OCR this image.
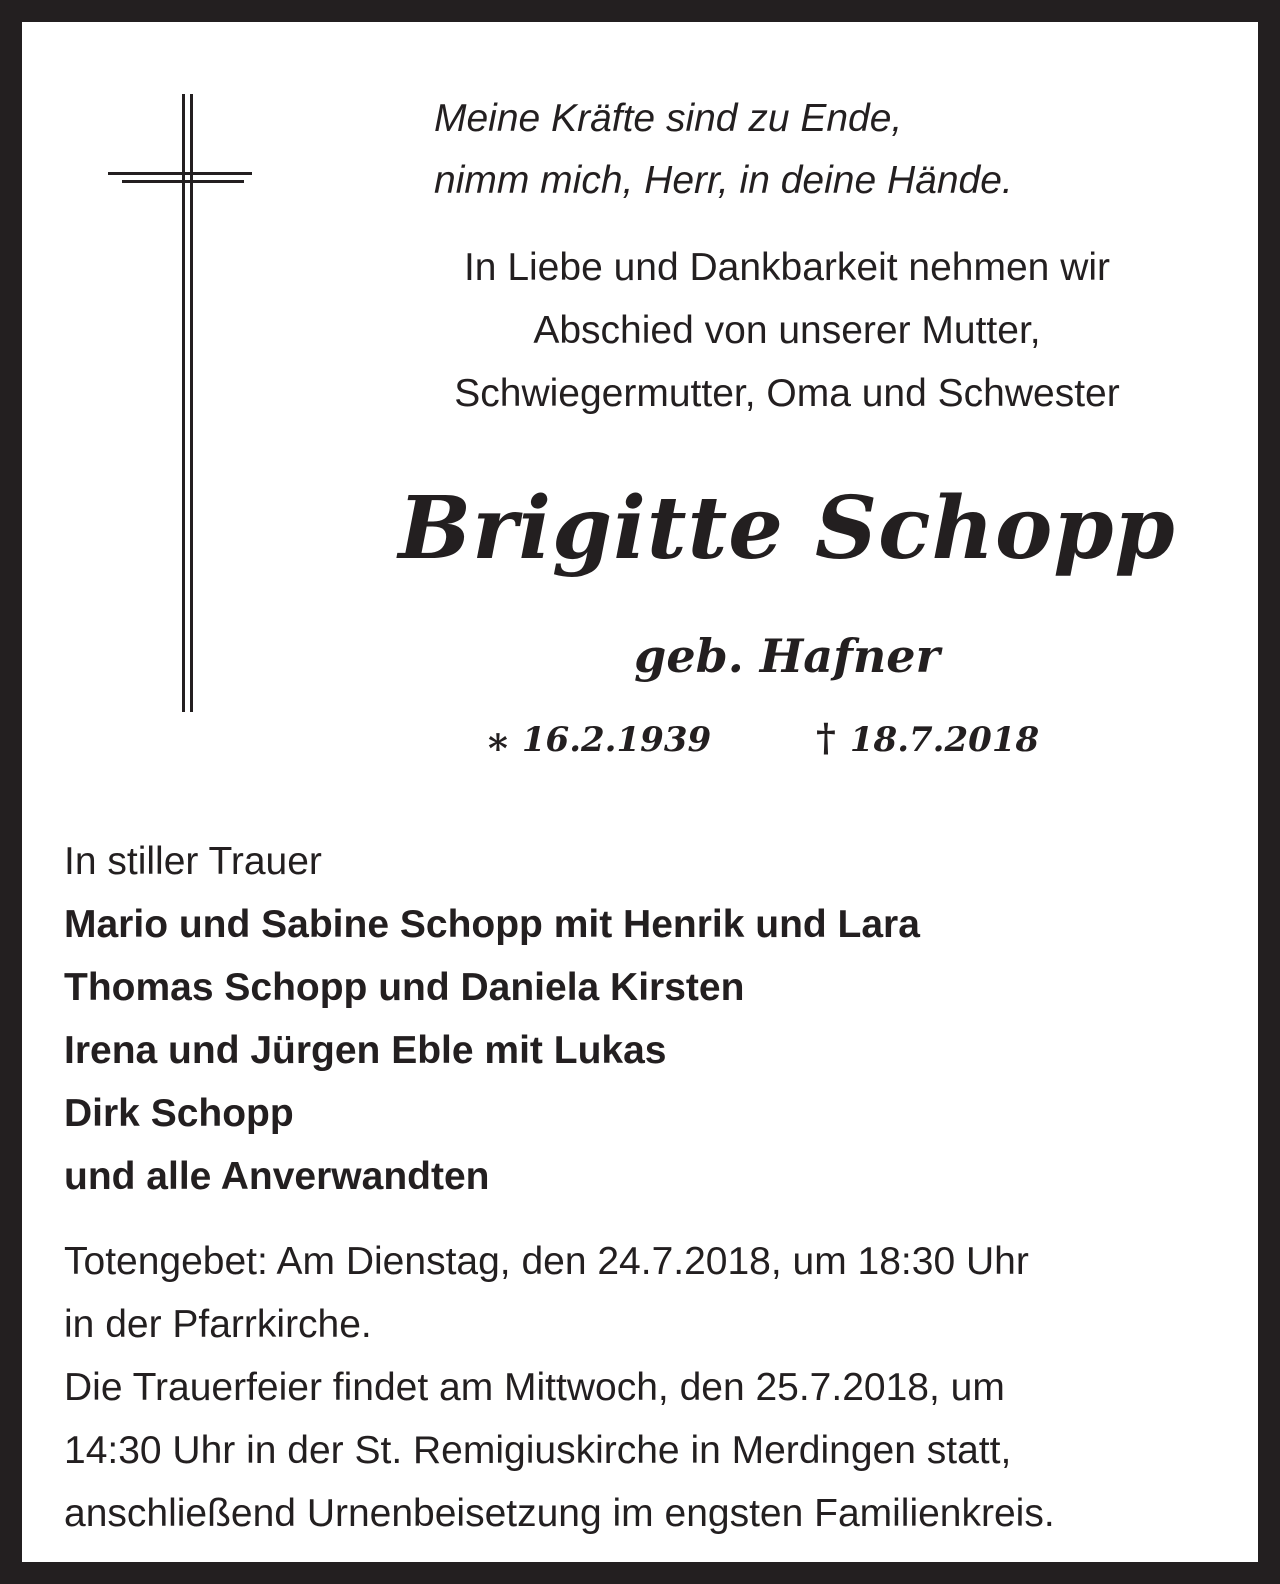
Meine Kräfte sind zu Ende,
nimm mich, Herr, in deine Hände.
In Liebe und Dankbarkeit nehmen wir
Abschied von unserer Mutter,
Schwiegermutter, Oma und Schwester
Brigitte Schopp
geb. Hafner
⁎ 16.2.1939	† 18.7.2018
In stiller Trauer
Mario und Sabine Schopp mit Henrik und Lara
Thomas Schopp und Daniela Kirsten
Irena und Jürgen Eble mit Lukas
Dirk Schopp
und alle Anverwandten
Totengebet: Am Dienstag, den 24.7.2018, um 18:30 Uhr
in der Pfarrkirche.
Die Trauerfeier findet am Mittwoch, den 25.7.2018, um
14:30 Uhr in der St. Remigiuskirche in Merdingen statt,
anschließend Urnenbeisetzung im engsten Familienkreis.
